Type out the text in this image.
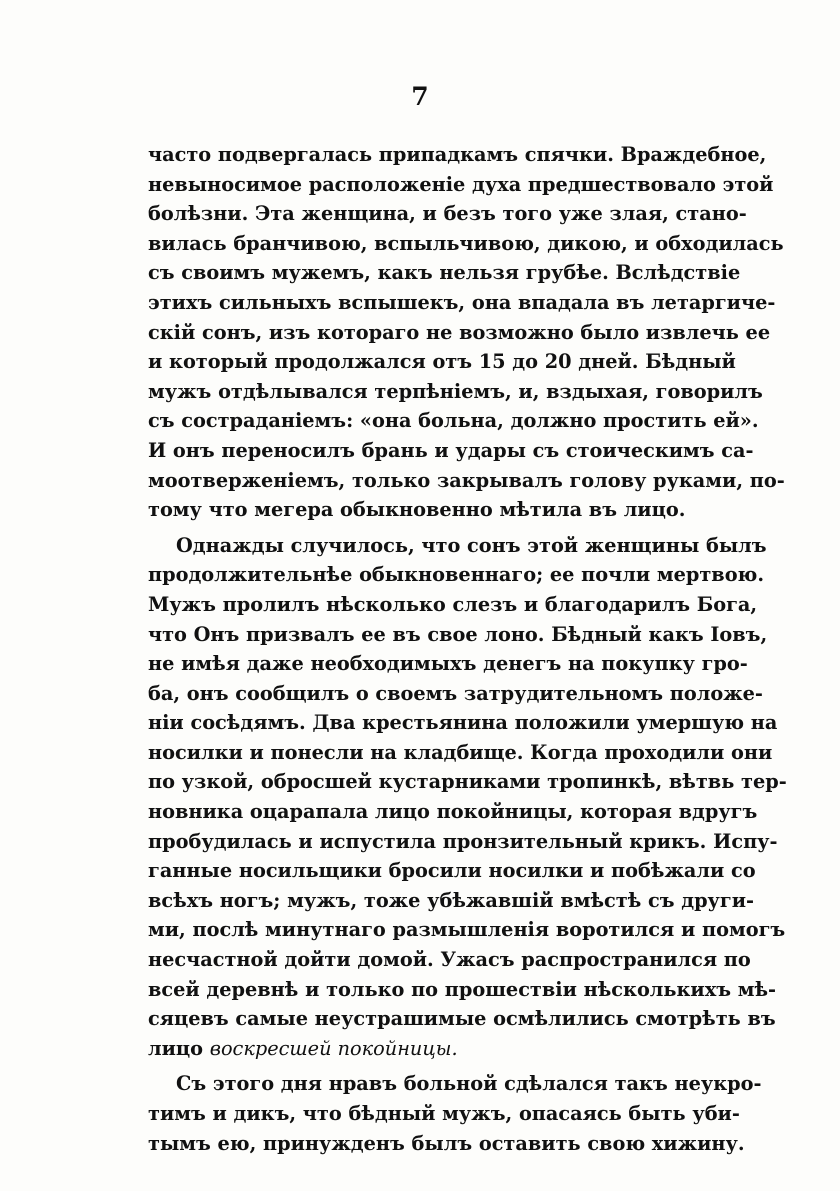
7
часто подвергалась припадкамъ спячки. Враждебное,
невыносимое расположенiе духа предшествовало этой
болѣзни. Эта женщина, и безъ того уже злая, стано-
вилась бранчивою, вспыльчивою, дикою, и обходилась
съ своимъ мужемъ, какъ нельзя грубѣе. Вслѣдствiе
этихъ сильныхъ вспышекъ, она впадала въ летаргиче-
скiй сонъ, изъ котораго не возможно было извлечь ее
и который продолжался отъ 15 до 20 дней. Бѣдный
мужъ отдѣлывался терпѣнiемъ, и, вздыхая, говорилъ
съ состраданiемъ: «она больна, должно простить ей».
И онъ переносилъ брань и удары съ стоическимъ са-
моотверженiемъ, только закрывалъ голову руками, по-
тому что мегера обыкновенно мѣтила въ лицо.
Однажды случилось, что сонъ этой женщины былъ
продолжительнѣе обыкновеннаго; ее почли мертвою.
Мужъ пролилъ нѣсколько слезъ и благодарилъ Бога,
что Онъ призвалъ ее въ свое лоно. Бѣдный какъ Iовъ,
не имѣя даже необходимыхъ денегъ на покупку гро-
ба, онъ сообщилъ о своемъ затрудительномъ положе-
нiи сосѣдямъ. Два крестьянина положили умершую на
носилки и понесли на кладбище. Когда проходили они
по узкой, обросшей кустарниками тропинкѣ, вѣтвь тер-
новника оцарапала лицо покойницы, которая вдругъ
пробудилась и испустила пронзительный крикъ. Испу-
ганные носильщики бросили носилки и побѣжали со
всѣхъ ногъ; мужъ, тоже убѣжавшiй вмѣстѣ съ други-
ми, послѣ минутнаго размышленiя воротился и помогъ
несчастной дойти домой. Ужасъ распространился по
всей деревнѣ и только по прошествiи нѣсколькихъ мѣ-
сяцевъ самые неустрашимые осмѣлились смотрѣть въ
лицо воскресшей покойницы.
Съ этого дня нравъ больной сдѣлался такъ неукро-
тимъ и дикъ, что бѣдный мужъ, опасаясь быть уби-
тымъ ею, принужденъ былъ оставить свою хижину.
